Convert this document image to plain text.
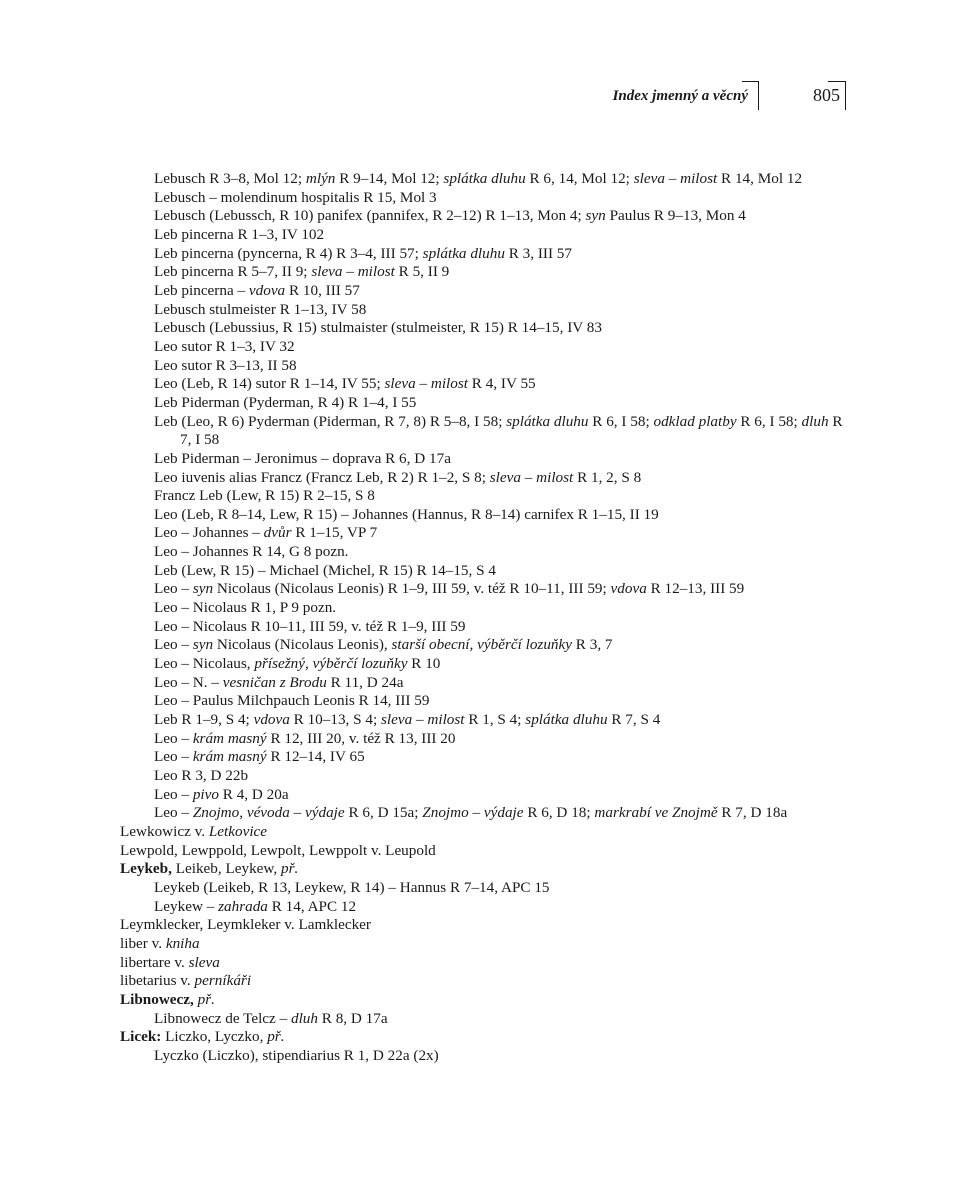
Index jmenný a věcný	805
Lebusch R 3–8, Mol 12; mlýn R 9–14, Mol 12; splátka dluhu R 6, 14, Mol 12; sleva – milost R 14, Mol 12
Lebusch – molendinum hospitalis R 15, Mol 3
Lebusch (Lebussch, R 10) panifex (pannifex, R 2–12) R 1–13, Mon 4; syn Paulus R 9–13, Mon 4
Leb pincerna R 1–3, IV 102
Leb pincerna (pyncerna, R 4) R 3–4, III 57; splátka dluhu R 3, III 57
Leb pincerna R 5–7, II 9; sleva – milost R 5, II 9
Leb pincerna – vdova R 10, III 57
Lebusch stulmeister R 1–13, IV 58
Lebusch (Lebussius, R 15) stulmaister (stulmeister, R 15) R 14–15, IV 83
Leo sutor R 1–3, IV 32
Leo sutor R 3–13, II 58
Leo (Leb, R 14) sutor R 1–14, IV 55; sleva – milost R 4, IV 55
Leb Piderman (Pyderman, R 4) R 1–4, I 55
Leb (Leo, R 6) Pyderman (Piderman, R 7, 8) R 5–8, I 58; splátka dluhu R 6, I 58; odklad platby R 6, I 58; dluh R 7, I 58
Leb Piderman – Jeronimus – doprava R 6, D 17a
Leo iuvenis alias Francz (Francz Leb, R 2) R 1–2, S 8; sleva – milost R 1, 2, S 8
Francz Leb (Lew, R 15) R 2–15, S 8
Leo (Leb, R 8–14, Lew, R 15) – Johannes (Hannus, R 8–14) carnifex R 1–15, II 19
Leo – Johannes – dvůr R 1–15, VP 7
Leo – Johannes R 14, G 8 pozn.
Leb (Lew, R 15) – Michael (Michel, R 15) R 14–15, S 4
Leo – syn Nicolaus (Nicolaus Leonis) R 1–9, III 59, v. též R 10–11, III 59; vdova R 12–13, III 59
Leo – Nicolaus R 1, P 9 pozn.
Leo – Nicolaus R 10–11, III 59, v. též R 1–9, III 59
Leo – syn Nicolaus (Nicolaus Leonis), starší obecní, výběrčí lozuňky R 3, 7
Leo – Nicolaus, přísežný, výběrčí lozuňky R 10
Leo – N. – vesničan z Brodu R 11, D 24a
Leo – Paulus Milchpauch Leonis R 14, III 59
Leb R 1–9, S 4; vdova R 10–13, S 4; sleva – milost R 1, S 4; splátka dluhu R 7, S 4
Leo – krám masný R 12, III 20, v. též R 13, III 20
Leo – krám masný R 12–14, IV 65
Leo R 3, D 22b
Leo – pivo R 4, D 20a
Leo – Znojmo, vévoda – výdaje R 6, D 15a; Znojmo – výdaje R 6, D 18; markrabí ve Znojmě R 7, D 18a
Lewkowicz v. Letkovice
Lewpold, Lewppold, Lewpolt, Lewppolt v. Leupold
Leykeb, Leikeb, Leykew, př.
Leykeb (Leikeb, R 13, Leykew, R 14) – Hannus R 7–14, APC 15
Leykew – zahrada R 14, APC 12
Leymklecker, Leymkleker v. Lamklecker
liber v. kniha
libertare v. sleva
libetarius v. perníkáři
Libnowecz, př.
Libnowecz de Telcz – dluh R 8, D 17a
Licek: Liczko, Lyczko, př.
Lyczko (Liczko), stipendiarius R 1, D 22a (2x)
